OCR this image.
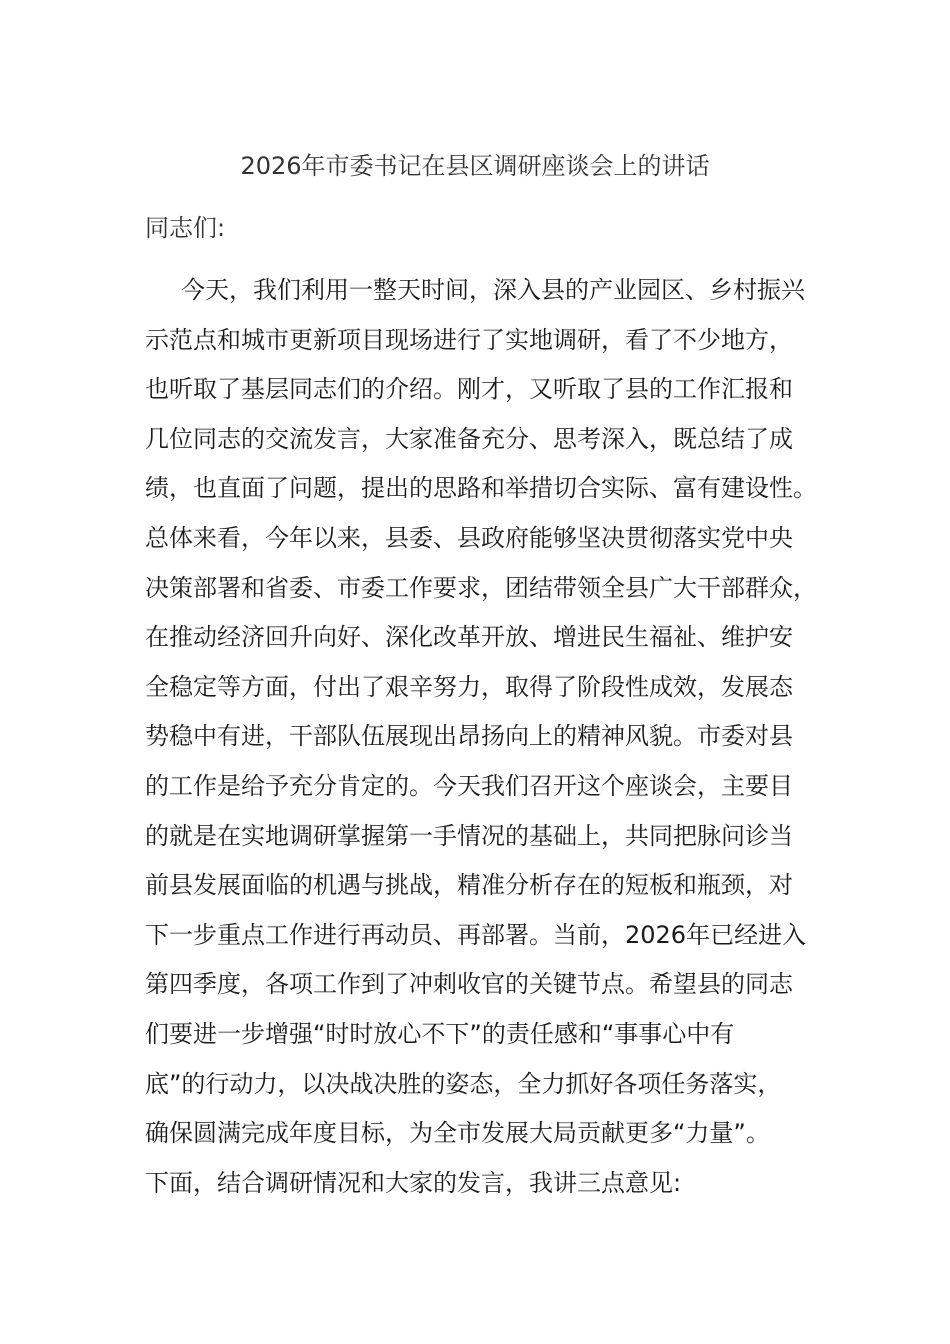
2026年市委书记在县区调研座谈会上的讲话

同志们:

今天，我们利用一整天时间，深入县的产业园区、乡村振兴
示范点和城市更新项目现场进行了实地调研，看了不少地方，
也听取了基层同志们的介绍。刚才，又听取了县的工作汇报和
几位同志的交流发言，大家准备充分、思考深入，既总结了成
绩，也直面了问题，提出的思路和举措切合实际、富有建设性。
总体来看，今年以来，县委、县政府能够坚决贯彻落实党中央
决策部署和省委、市委工作要求，团结带领全县广大干部群众，
在推动经济回升向好、深化改革开放、增进民生福祉、维护安
全稳定等方面，付出了艰辛努力，取得了阶段性成效，发展态
势稳中有进，干部队伍展现出昂扬向上的精神风貌。市委对县
的工作是给予充分肯定的。今天我们召开这个座谈会，主要目
的就是在实地调研掌握第一手情况的基础上，共同把脉问诊当
前县发展面临的机遇与挑战，精准分析存在的短板和瓶颈，对
下一步重点工作进行再动员、再部署。当前，2026年已经进入
第四季度，各项工作到了冲刺收官的关键节点。希望县的同志
们要进一步增强“时时放心不下”的责任感和“事事心中有
底”的行动力，以决战决胜的姿态，全力抓好各项任务落实，
确保圆满完成年度目标，为全市发展大局贡献更多“力量”。
下面，结合调研情况和大家的发言，我讲三点意见:
